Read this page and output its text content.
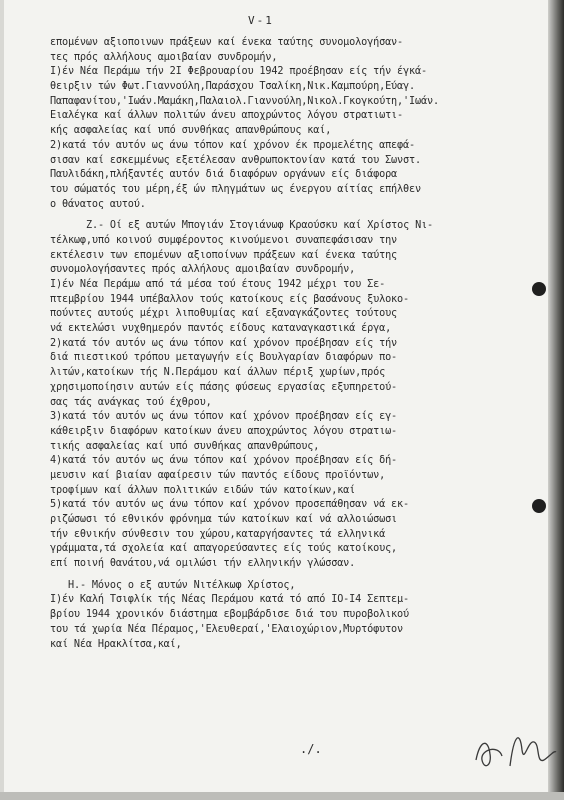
V-1
επομένων αξιοποινων πράξεων καί ένεκα ταύτης συνομολογήσαν-
τες πρός αλλήλους αμοιβαίαν συνδρομήν,
Ι)έν Νέα Περάμω τήν 2Ι Φεβρουαρίου 1942 προέβησαν είς τήν έγκά-
θειρξιν τών Φωτ.Γιαννούλη,Παράσχου Τσαλίκη,Νικ.Καμπούρη,Εύαγ.
Παπαφανίτου,'Ιωάν.Μαμάκη,Παλαιολ.Γιαννούλη,Νικολ.Γκογκούτη,'Ιωάν.
Ειαλέγκα καί άλλων πολιτών άνευ αποχρώντος λόγου στρατιωτι-
κής ασφαλείας καί υπό συνθήκας απανθρώπους καί,
2)κατά τόν αυτόν ως άνω τόπον καί χρόνον έκ προμελέτης απεφά-
σισαν καί εσκεμμένως εξετέλεσαν ανθρωποκτονίαν κατά του Σωνστ.
Παυλιδάκη,πλήξαντές αυτόν διά διαφόρων οργάνων είς διάφορα
του σώματός του μέρη,έξ ών πληγμάτων ως ένεργου αίτίας επήλθεν
ο θάνατος αυτού.
Ζ.- Οί εξ αυτών Μπογιάν Στογιάνωφ Κραούσκυ καί Χρίστος Νι-
τέλκωφ,υπό κοινού συμφέροντος κινούμενοι συναπεφάσισαν την
εκτέλεσιν των επομένων αξιοποίνων πράξεων καί ένεκα ταύτης
συνομολογήσαντες πρός αλλήλους αμοιβαίαν συνδρομήν,
Ι)έν Νέα Περάμω από τά μέσα τού έτους 1942 μέχρι του Σε-
πτεμβρίου 1944 υπέβαλλον τούς κατοίκους είς βασάνους ξυλοκο-
πούντες αυτούς μέχρι λιποθυμίας καί εξαναγκάζοντες τούτους
νά εκτελώσι νυχθημερόν παντός είδους καταναγκαστικά έργα,
2)κατά τόν αυτόν ως άνω τόπον καί χρόνον προέβησαν είς τήν
διά πιεστικού τρόπου μεταγωγήν είς Βουλγαρίαν διαφόρων πο-
λιτών,κατοίκων τής Ν.Περάμου καί άλλων πέριξ χωρίων,πρός
χρησιμοποίησιν αυτών είς πάσης φύσεως εργασίας εξυπηρετού-
σας τάς ανάγκας τού έχθρου,
3)κατά τόν αυτόν ως άνω τόπον καί χρόνον προέβησαν είς εγ-
κάθειρξιν διαφόρων κατοίκων άνευ αποχρώντος λόγου στρατιω-
τικής ασφαλείας καί υπό συνθήκας απανθρώπους,
4)κατά τόν αυτόν ως άνω τόπον καί χρόνον προέβησαν είς δή-
μευσιν καί βιαίαν αφαίρεσιν τών παντός είδους προϊόντων,
τροφίμων καί άλλων πολιτικών ειδών τών κατοίκων,καί
5)κατά τόν αυτόν ως άνω τόπον καί χρόνον προσεπάθησαν νά εκ-
ριζώσωσι τό εθνικόν φρόνημα τών κατοίκων καί νά αλλοιώσωσι
τήν εθνικήν σύνθεσιν του χώρου,καταργήσαντες τά ελληνικά
γράμματα,τά σχολεία καί απαγορεύσαντες είς τούς κατοίκους,
επί ποινή θανάτου,νά ομιλώσι τήν ελληνικήν γλώσσαν.
Η.- Μόνος ο εξ αυτών Νιτέλκωφ Χρίστος,
Ι)έν Καλή Τσιφλίκ τής Νέας Περάμου κατά τό από ΙΟ-Ι4 Σεπτεμ-
βρίου 1944 χρονικόν διάστημα εβομβάρδισε διά του πυροβολικού
του τά χωρία Νέα Πέραμος,'Ελευθεραί,'Ελαιοχώριον,Μυρτόφυτον
καί Νέα Ηρακλίτσα,καί,
./.
